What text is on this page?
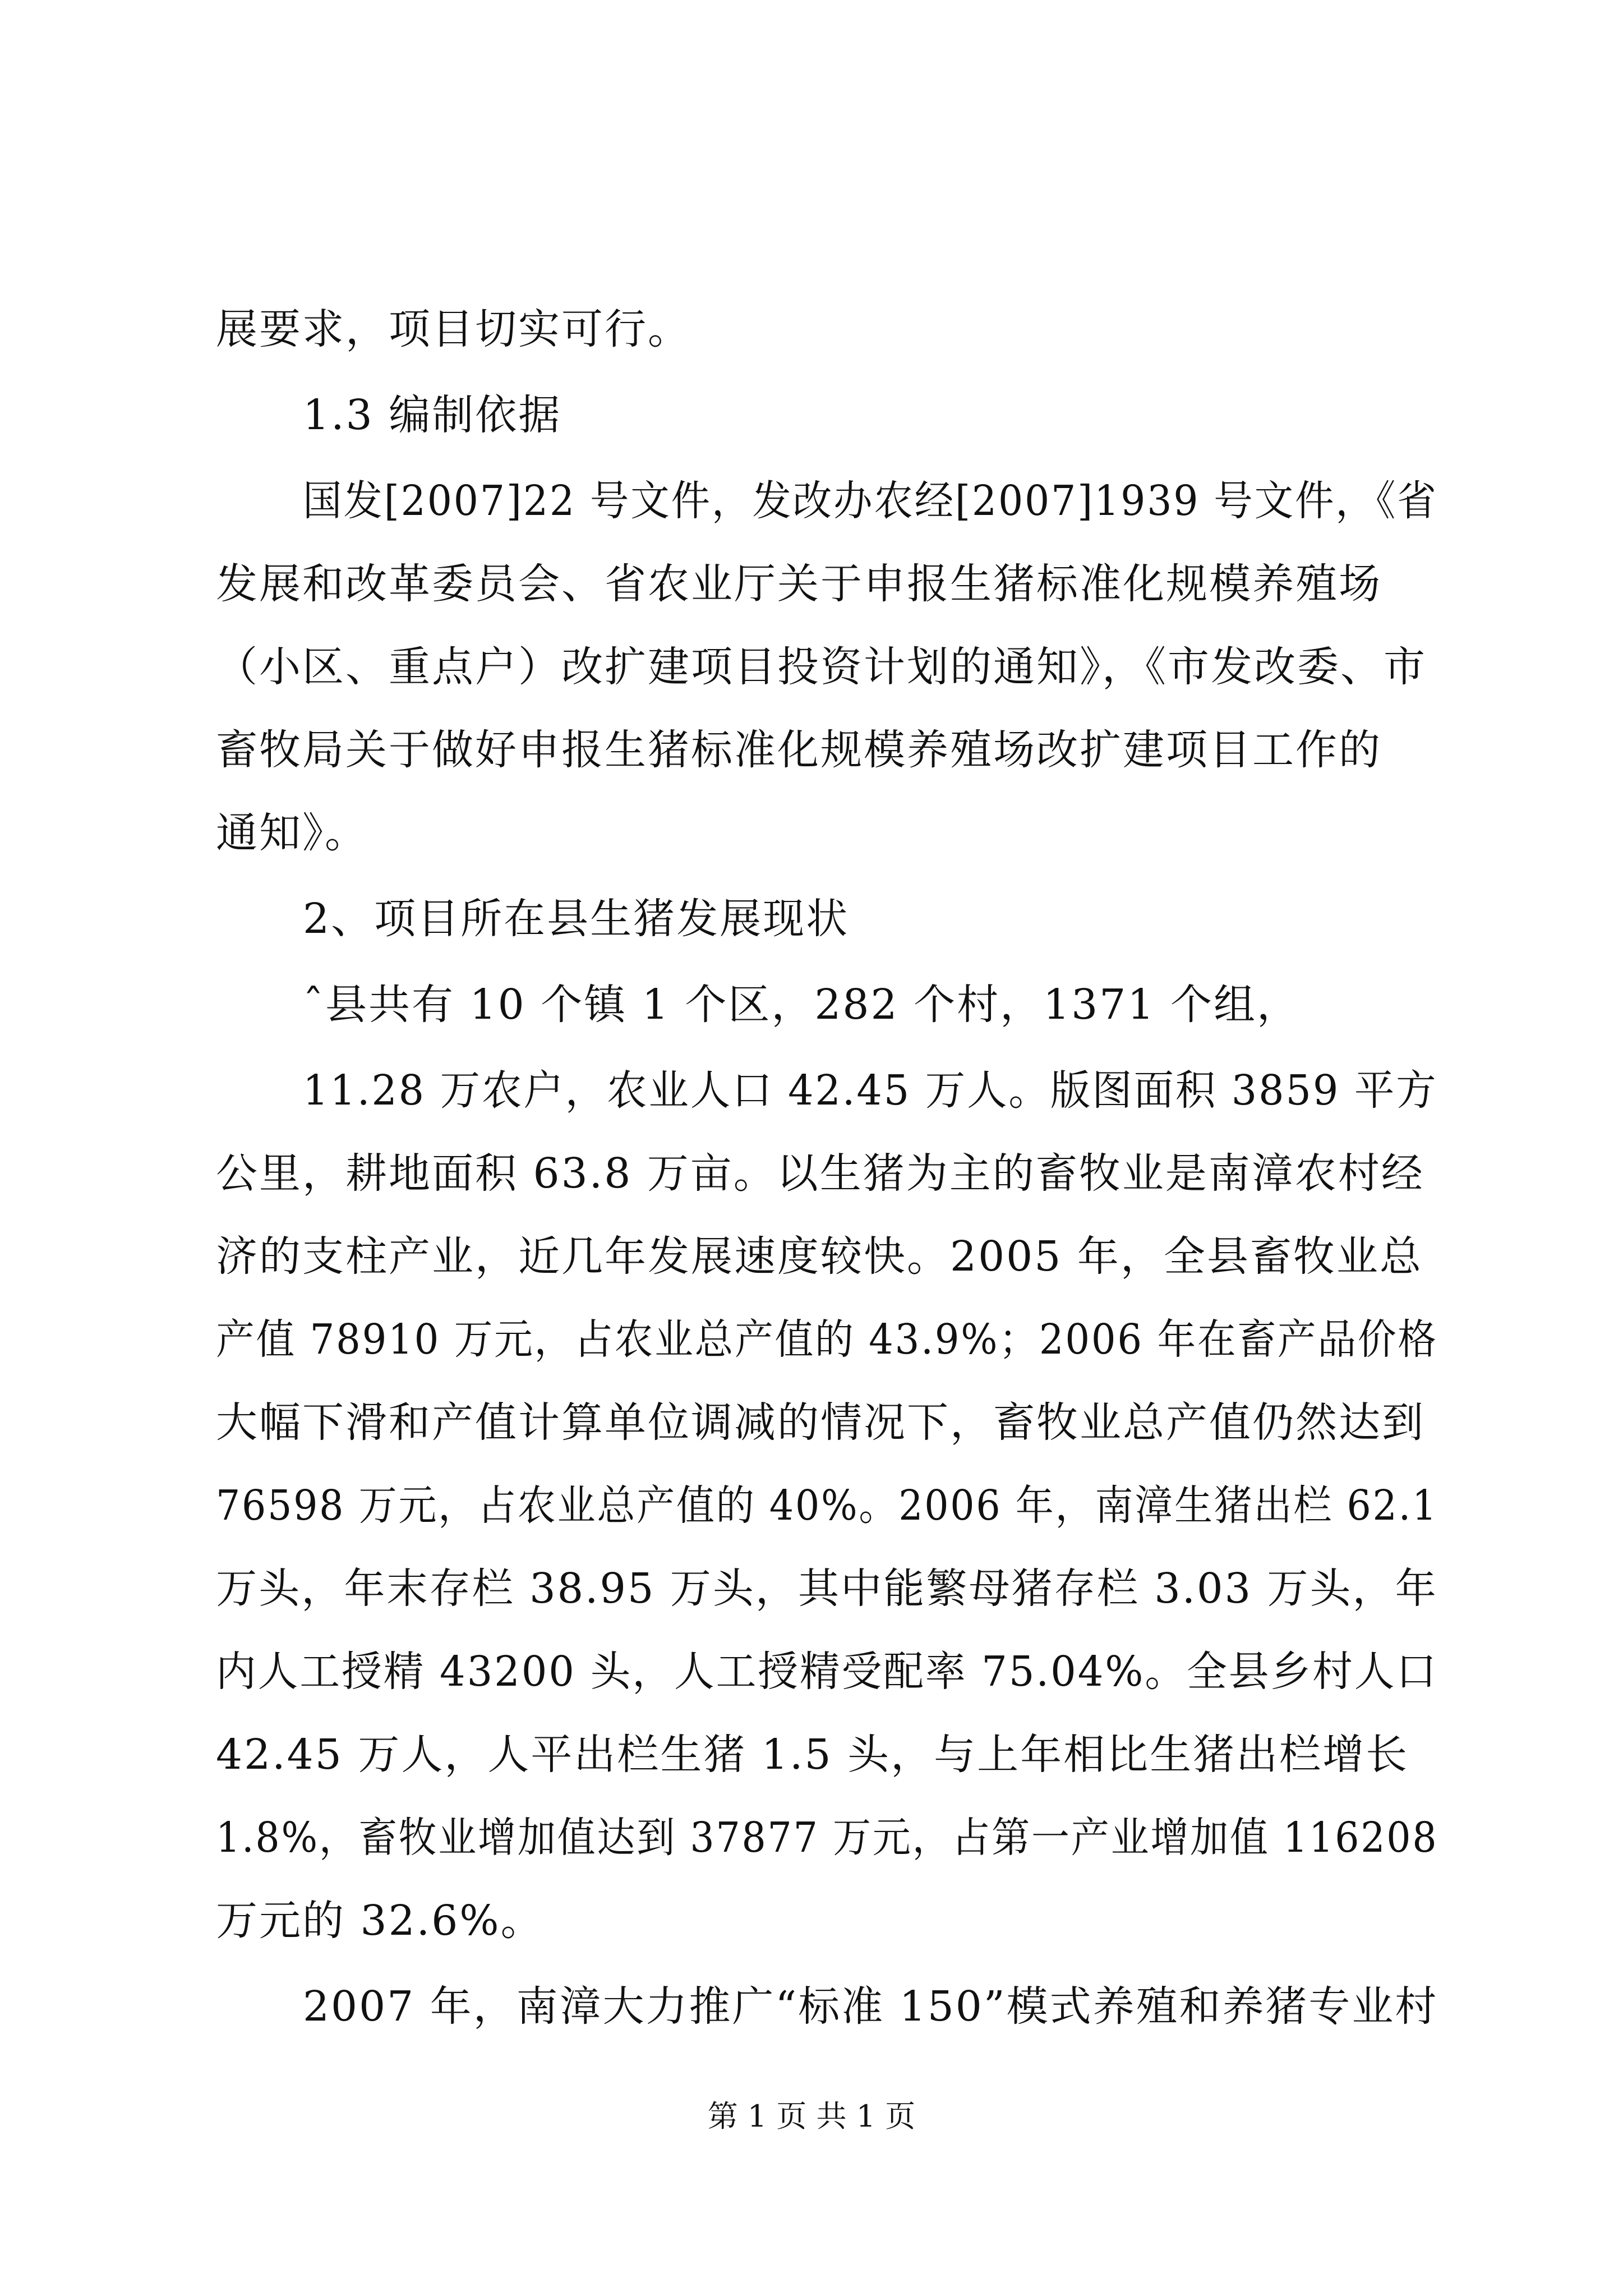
展要求，项目切实可行。
1.3 编制依据
国发[2007]22 号文件，发改办农经[2007]1939 号文件，《省
发展和改革委员会、省农业厅关于申报生猪标准化规模养殖场
（小区、重点户）改扩建项目投资计划的通知》，《市发改委、市
畜牧局关于做好申报生猪标准化规模养殖场改扩建项目工作的
通知》。
2、项目所在县生猪发展现状
ˆ县共有 10 个镇 1 个区，282 个村，1371 个组，
11.28 万农户，农业人口 42.45 万人。版图面积 3859 平方
公里，耕地面积 63.8 万亩。以生猪为主的畜牧业是南漳农村经
济的支柱产业，近几年发展速度较快。2005 年，全县畜牧业总
产值 78910 万元，占农业总产值的 43.9%；2006 年在畜产品价格
大幅下滑和产值计算单位调减的情况下，畜牧业总产值仍然达到
76598 万元，占农业总产值的 40%。2006 年，南漳生猪出栏 62.1
万头，年末存栏 38.95 万头，其中能繁母猪存栏 3.03 万头，年
内人工授精 43200 头，人工授精受配率 75.04%。全县乡村人口
42.45 万人，人平出栏生猪 1.5 头，与上年相比生猪出栏增长
1.8%，畜牧业增加值达到 37877 万元，占第一产业增加值 116208
万元的 32.6%。
2007 年，南漳大力推广“标准 150”模式养殖和养猪专业村
第 1 页 共 1 页
